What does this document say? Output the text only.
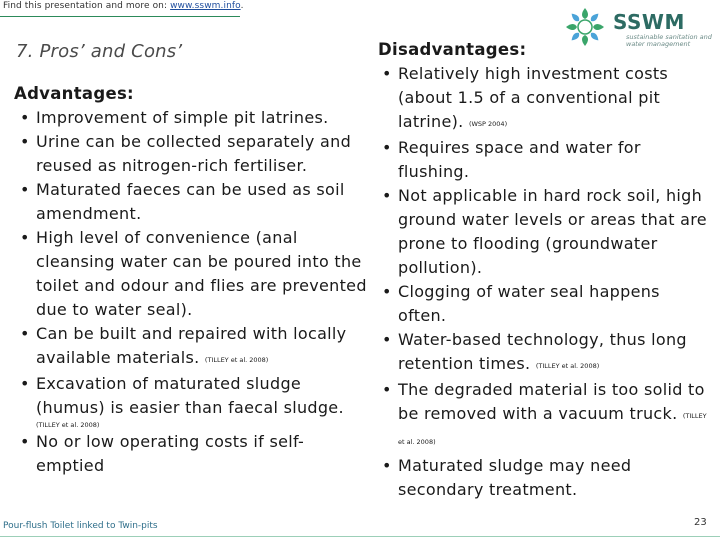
Find this presentation and more on: www.sswm.info.
SSWM
sustainable sanitation and water management
7. Pros’ and Cons’
Advantages:
• Improvement of simple pit latrines.
• Urine can be collected separately and reused as nitrogen-rich fertiliser.
• Maturated faeces can be used as soil amendment.
• High level of convenience (anal cleansing water can be poured into the toilet and odour and flies are prevented due to water seal).
• Can be built and repaired with locally available materials. (TILLEY et al. 2008)
• Excavation of maturated sludge (humus) is easier than faecal sludge.
(TILLEY et al. 2008)
• No or low operating costs if self-emptied
Disadvantages:
• Relatively high investment costs (about 1.5 of a conventional pit latrine). (WSP 2004)
• Requires space and water for flushing.
• Not applicable in hard rock soil, high ground water levels or areas that are prone to flooding (groundwater pollution).
• Clogging of water seal happens often.
• Water-based technology, thus long retention times. (TILLEY et al. 2008)
• The degraded material is too solid to be removed with a vacuum truck. (TILLEY et al. 2008)
• Maturated sludge may need secondary treatment.
Pour-flush Toilet linked to Twin-pits	23
